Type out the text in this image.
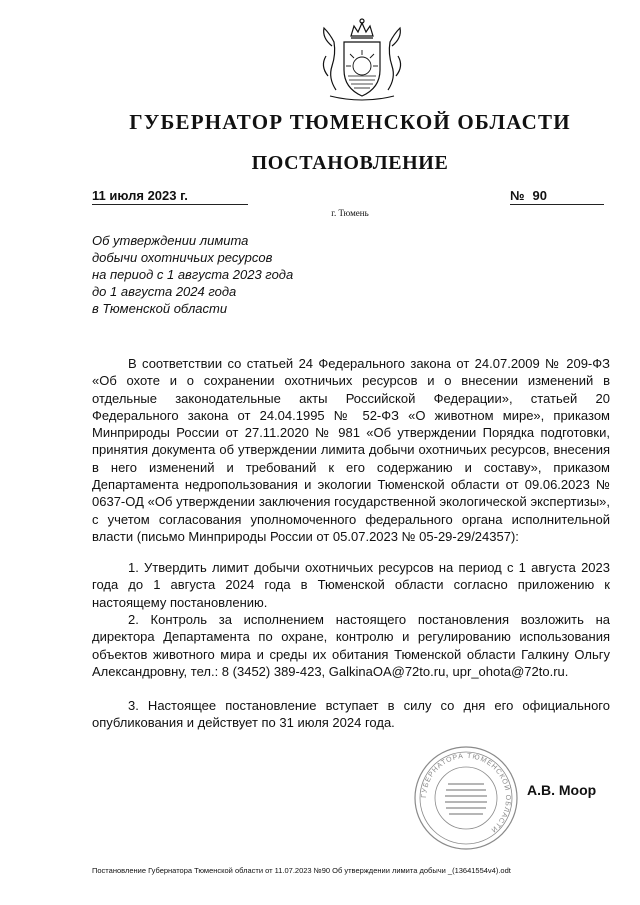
ГУБЕРНАТОР ТЮМЕНСКОЙ ОБЛАСТИ
ПОСТАНОВЛЕНИЕ
11 июля 2023 г.	№ 90
г. Тюмень
Об утверждении лимита
добычи охотничьих ресурсов
на период с 1 августа 2023 года
до 1 августа 2024 года
в Тюменской области
В соответствии со статьей 24 Федерального закона от 24.07.2009 № 209-ФЗ «Об охоте и о сохранении охотничьих ресурсов и о внесении изменений в отдельные законодательные акты Российской Федерации», статьей 20 Федерального закона от 24.04.1995 № 52-ФЗ «О животном мире», приказом Минприроды России от 27.11.2020 № 981 «Об утверждении Порядка подготовки, принятия документа об утверждении лимита добычи охотничьих ресурсов, внесения в него изменений и требований к его содержанию и составу», приказом Департамента недропользования и экологии Тюменской области от 09.06.2023 № 0637-ОД «Об утверждении заключения государственной экологической экспертизы», с учетом согласования уполномоченного федерального органа исполнительной власти (письмо Минприроды России от 05.07.2023 № 05-29-29/24357):
1. Утвердить лимит добычи охотничьих ресурсов на период с 1 августа 2023 года до 1 августа 2024 года в Тюменской области согласно приложению к настоящему постановлению.
2. Контроль за исполнением настоящего постановления возложить на директора Департамента по охране, контролю и регулированию использования объектов животного мира и среды их обитания Тюменской области Галкину Ольгу Александровну, тел.: 8 (3452) 389-423, GalkinaOA@72to.ru, upr_ohota@72to.ru.
3. Настоящее постановление вступает в силу со дня его официального опубликования и действует по 31 июля 2024 года.
ГУБЕРНАТОРА ТЮМЕНСКОЙ ОБЛАСТИ
А.В. Моор
Постановление Губернатора Тюменской области от 11.07.2023 №90 Об утверждении лимита добычи _(13641554v4).odt
